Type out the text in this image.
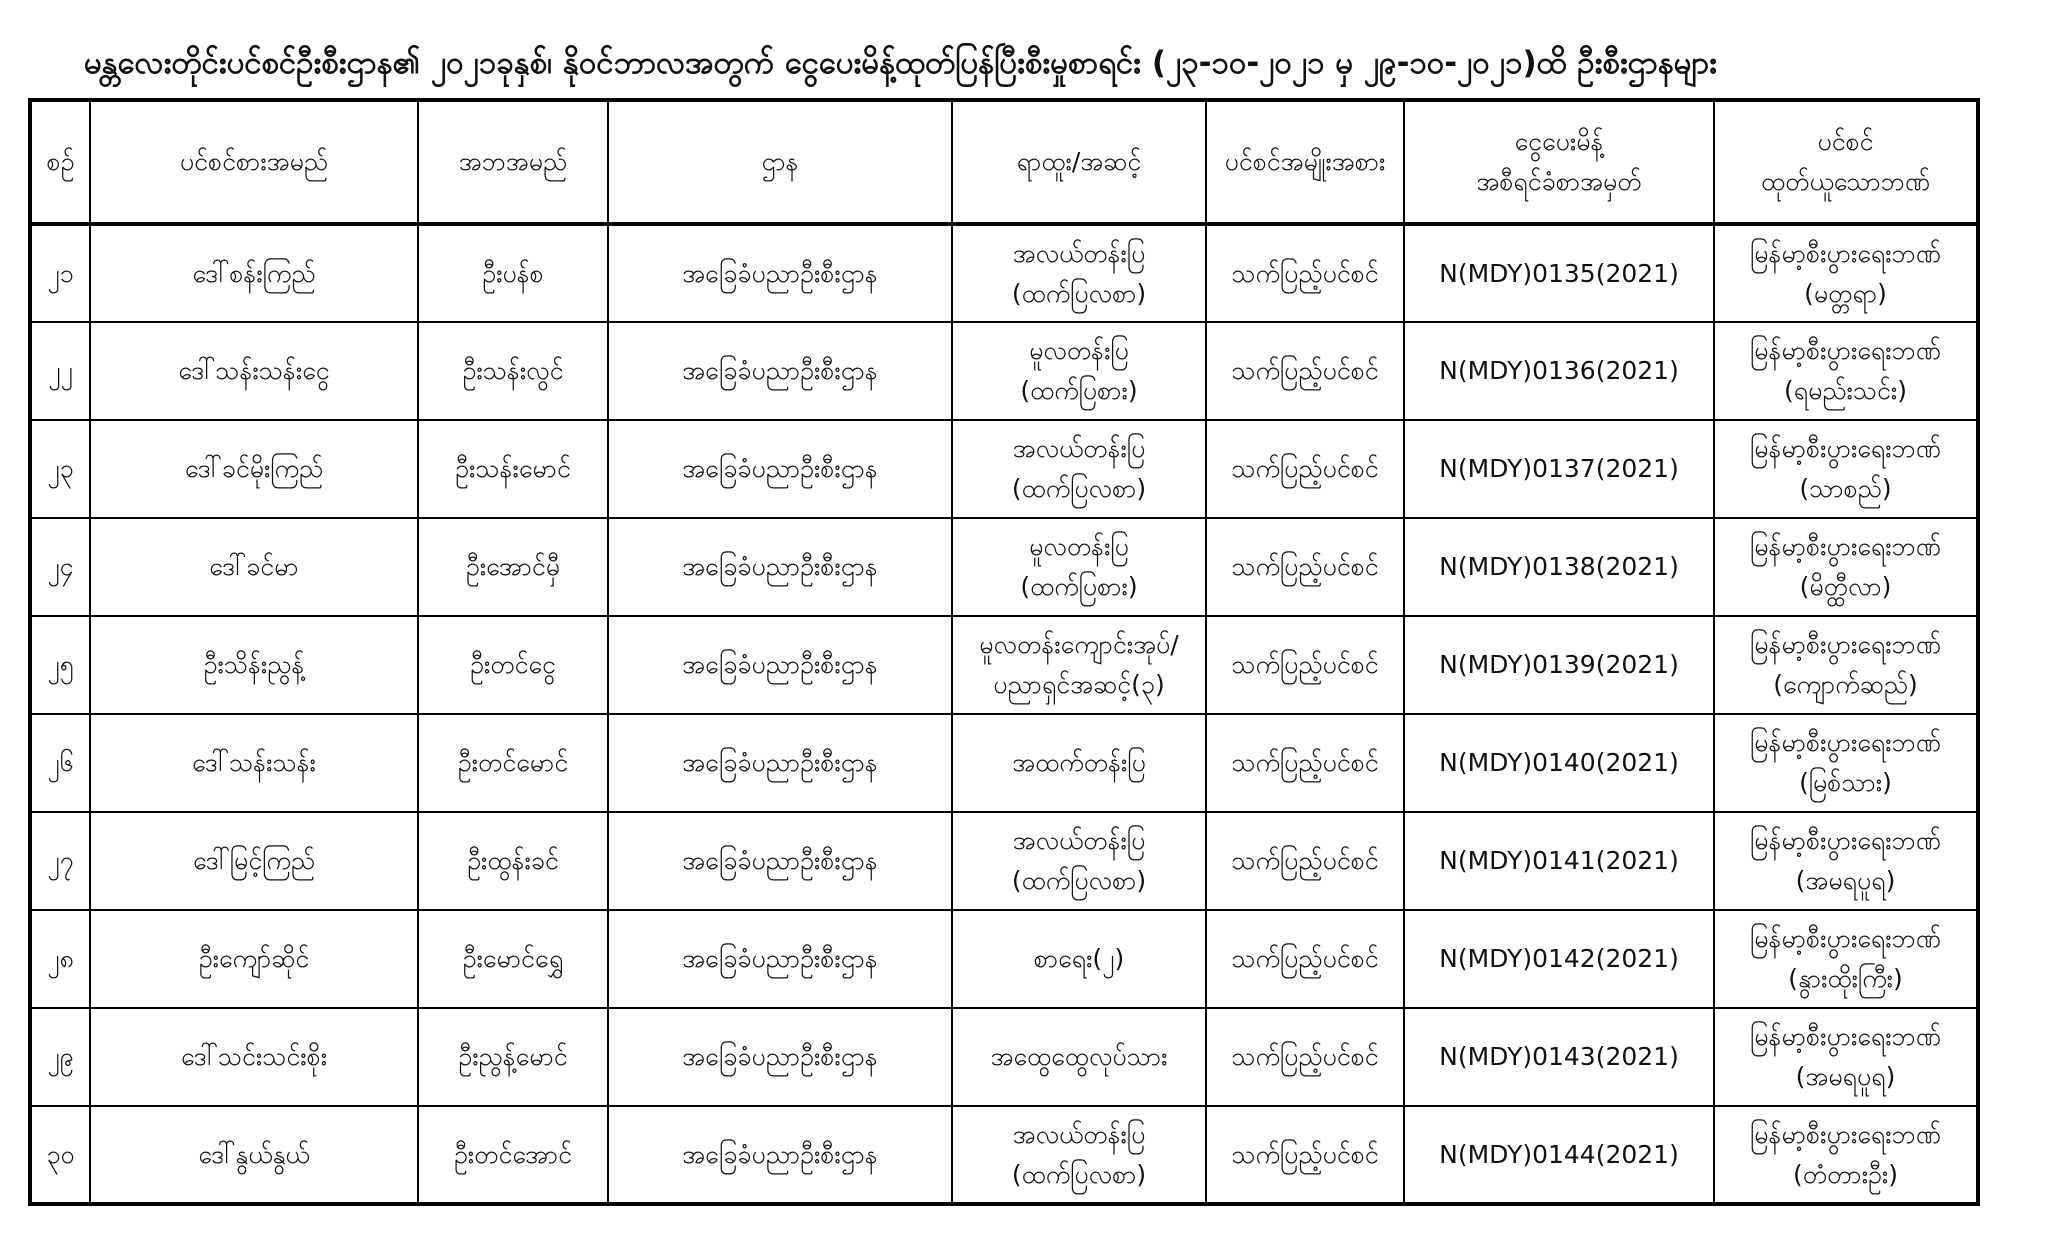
မန္တလေးတိုင်းပင်စင်ဦးစီးဌာန၏ ၂၀၂၁ခုနှစ်၊ နိုဝင်ဘာလအတွက် ငွေပေးမိန့်ထုတ်ပြန်ပြီးစီးမှုစာရင်း (၂၃-၁၀-၂၀၂၁ မှ ၂၉-၁၀-၂၀၂၁)ထိ ဦးစီးဌာနများ
စဉ်	ပင်စင်စားအမည်	အဘအမည်	ဌာန	ရာထူး/အဆင့်	ပင်စင်အမျိုးအစား	ငွေပေးမိန့်
အစီရင်ခံစာအမှတ်	ပင်စင်
ထုတ်ယူသောဘဏ်

၂၁	ဒေါ်စန်းကြည်	ဦးပန်စ	အခြေခံပညာဦးစီးဌာန	အလယ်တန်းပြ
(ထက်ပြလစာ)	သက်ပြည့်ပင်စင်	N(MDY)0135(2021)	မြန်မာ့စီးပွားရေးဘဏ်
(မတ္တရာ)

၂၂	ဒေါ်သန်းသန်းငွေ	ဦးသန်းလွင်	အခြေခံပညာဦးစီးဌာန	မူလတန်းပြ
(ထက်ပြစား)	သက်ပြည့်ပင်စင်	N(MDY)0136(2021)	မြန်မာ့စီးပွားရေးဘဏ်
(ရမည်းသင်း)

၂၃	ဒေါ်ခင်မိုးကြည်	ဦးသန်းမောင်	အခြေခံပညာဦးစီးဌာန	အလယ်တန်းပြ
(ထက်ပြလစာ)	သက်ပြည့်ပင်စင်	N(MDY)0137(2021)	မြန်မာ့စီးပွားရေးဘဏ်
(သာစည်)

၂၄	ဒေါ်ခင်မာ	ဦးအောင်မှီ	အခြေခံပညာဦးစီးဌာန	မူလတန်းပြ
(ထက်ပြစား)	သက်ပြည့်ပင်စင်	N(MDY)0138(2021)	မြန်မာ့စီးပွားရေးဘဏ်
(မိတ္ထီလာ)

၂၅	ဦးသိန်းညွန့်	ဦးတင်ငွေ	အခြေခံပညာဦးစီးဌာန	မူလတန်းကျောင်းအုပ်/
ပညာရှင်အဆင့်(၃)	သက်ပြည့်ပင်စင်	N(MDY)0139(2021)	မြန်မာ့စီးပွားရေးဘဏ်
(ကျောက်ဆည်)

၂၆	ဒေါ်သန်းသန်း	ဦးတင်မောင်	အခြေခံပညာဦးစီးဌာန	အထက်တန်းပြ	သက်ပြည့်ပင်စင်	N(MDY)0140(2021)	မြန်မာ့စီးပွားရေးဘဏ်
(မြစ်သား)

၂၇	ဒေါ်မြင့်ကြည်	ဦးထွန်းခင်	အခြေခံပညာဦးစီးဌာန	အလယ်တန်းပြ
(ထက်ပြလစာ)	သက်ပြည့်ပင်စင်	N(MDY)0141(2021)	မြန်မာ့စီးပွားရေးဘဏ်
(အမရပူရ)

၂၈	ဦးကျော်ဆိုင်	ဦးမောင်ရွှေ	အခြေခံပညာဦးစီးဌာန	စာရေး(၂)	သက်ပြည့်ပင်စင်	N(MDY)0142(2021)	မြန်မာ့စီးပွားရေးဘဏ်
(နွားထိုးကြီး)

၂၉	ဒေါ်သင်းသင်းစိုး	ဦးညွန့်မောင်	အခြေခံပညာဦးစီးဌာန	အထွေထွေလုပ်သား	သက်ပြည့်ပင်စင်	N(MDY)0143(2021)	မြန်မာ့စီးပွားရေးဘဏ်
(အမရပူရ)

၃၀	ဒေါ်နွယ်နွယ်	ဦးတင်အောင်	အခြေခံပညာဦးစီးဌာန	အလယ်တန်းပြ
(ထက်ပြလစာ)	သက်ပြည့်ပင်စင်	N(MDY)0144(2021)	မြန်မာ့စီးပွားရေးဘဏ်
(တံတားဦး)
